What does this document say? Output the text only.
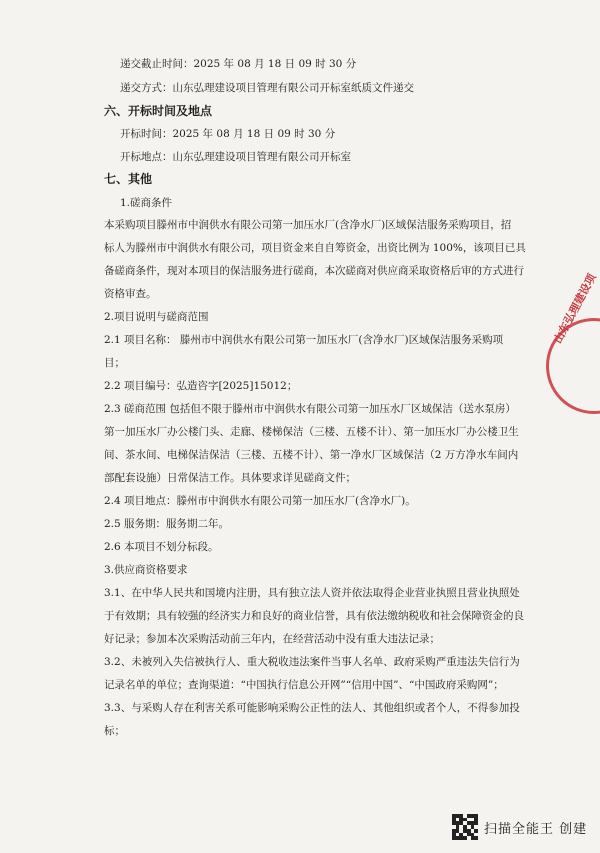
递交截止时间：2025 年 08 月 18 日 09 时 30 分
递交方式：山东弘理建设项目管理有限公司开标室纸质文件递交
六、开标时间及地点
开标时间：2025 年 08 月 18 日 09 时 30 分
开标地点：山东弘理建设项目管理有限公司开标室
七、其他
1.磋商条件
本采购项目滕州市中润供水有限公司第一加压水厂(含净水厂)区域保洁服务采购项目，招
标人为滕州市中润供水有限公司，项目资金来自自筹资金，出资比例为 100%，该项目已具
备磋商条件，现对本项目的保洁服务进行磋商，本次磋商对供应商采取资格后审的方式进行
资格审查。
2.项目说明与磋商范围
2.1 项目名称： 滕州市中润供水有限公司第一加压水厂(含净水厂)区域保洁服务采购项
目；
2.2 项目编号：弘造咨字[2025]15012；
2.3 磋商范围 包括但不限于滕州市中润供水有限公司第一加压水厂区域保洁（送水泵房）
第一加压水厂办公楼门头、走廊、楼梯保洁（三楼、五楼不计）、第一加压水厂办公楼卫生
间、茶水间、电梯保洁保洁（三楼、五楼不计）、第一净水厂区域保洁（2 万方净水车间内
部配套设施）日常保洁工作。具体要求详见磋商文件；
2.4 项目地点：滕州市中润供水有限公司第一加压水厂(含净水厂)。
2.5 服务期：服务期二年。
2.6 本项目不划分标段。
3.供应商资格要求
3.1、在中华人民共和国境内注册，具有独立法人资并依法取得企业营业执照且营业执照处
于有效期；具有较强的经济实力和良好的商业信誉，具有依法缴纳税收和社会保障资金的良
好记录；参加本次采购活动前三年内，在经营活动中没有重大违法记录；
3.2、未被列入失信被执行人、重大税收违法案件当事人名单、政府采购严重违法失信行为
记录名单的单位；查询渠道：“中国执行信息公开网”“信用中国”、“中国政府采购网”；
3.3、与采购人存在利害关系可能影响采购公正性的法人、其他组织或者个人，不得参加投
标；
山东弘理建设项
扫描全能王 创建
